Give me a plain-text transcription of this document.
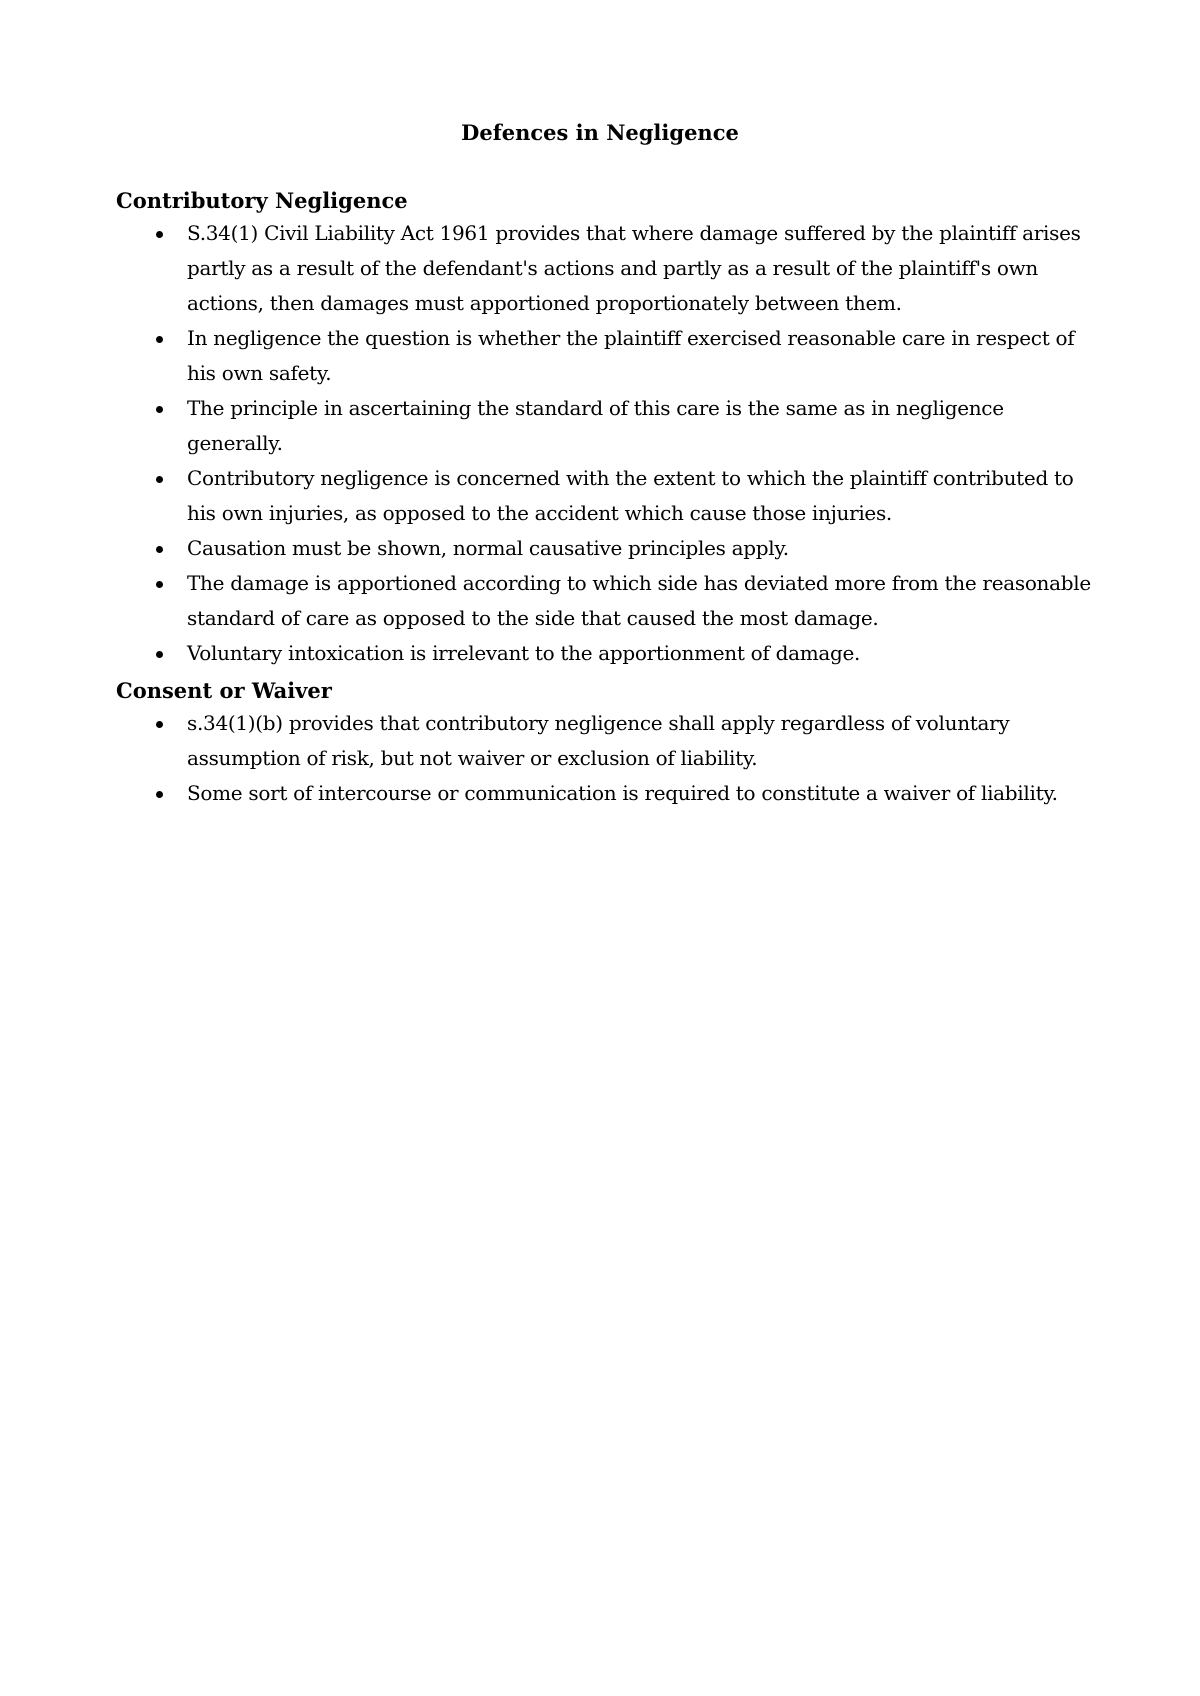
Defences in Negligence
Contributory Negligence
S.34(1) Civil Liability Act 1961 provides that where damage suffered by the plaintiff arises partly as a result of the defendant's actions and partly as a result of the plaintiff's own actions, then damages must apportioned proportionately between them.
In negligence the question is whether the plaintiff exercised reasonable care in respect of his own safety.
The principle in ascertaining the standard of this care is the same as in negligence generally.
Contributory negligence is concerned with the extent to which the plaintiff contributed to his own injuries, as opposed to the accident which cause those injuries.
Causation must be shown, normal causative principles apply.
The damage is apportioned according to which side has deviated more from the reasonable standard of care as opposed to the side that caused the most damage.
Voluntary intoxication is irrelevant to the apportionment of damage.
Consent or Waiver
s.34(1)(b) provides that contributory negligence shall apply regardless of voluntary assumption of risk, but not waiver or exclusion of liability.
Some sort of intercourse or communication is required to constitute a waiver of liability.
